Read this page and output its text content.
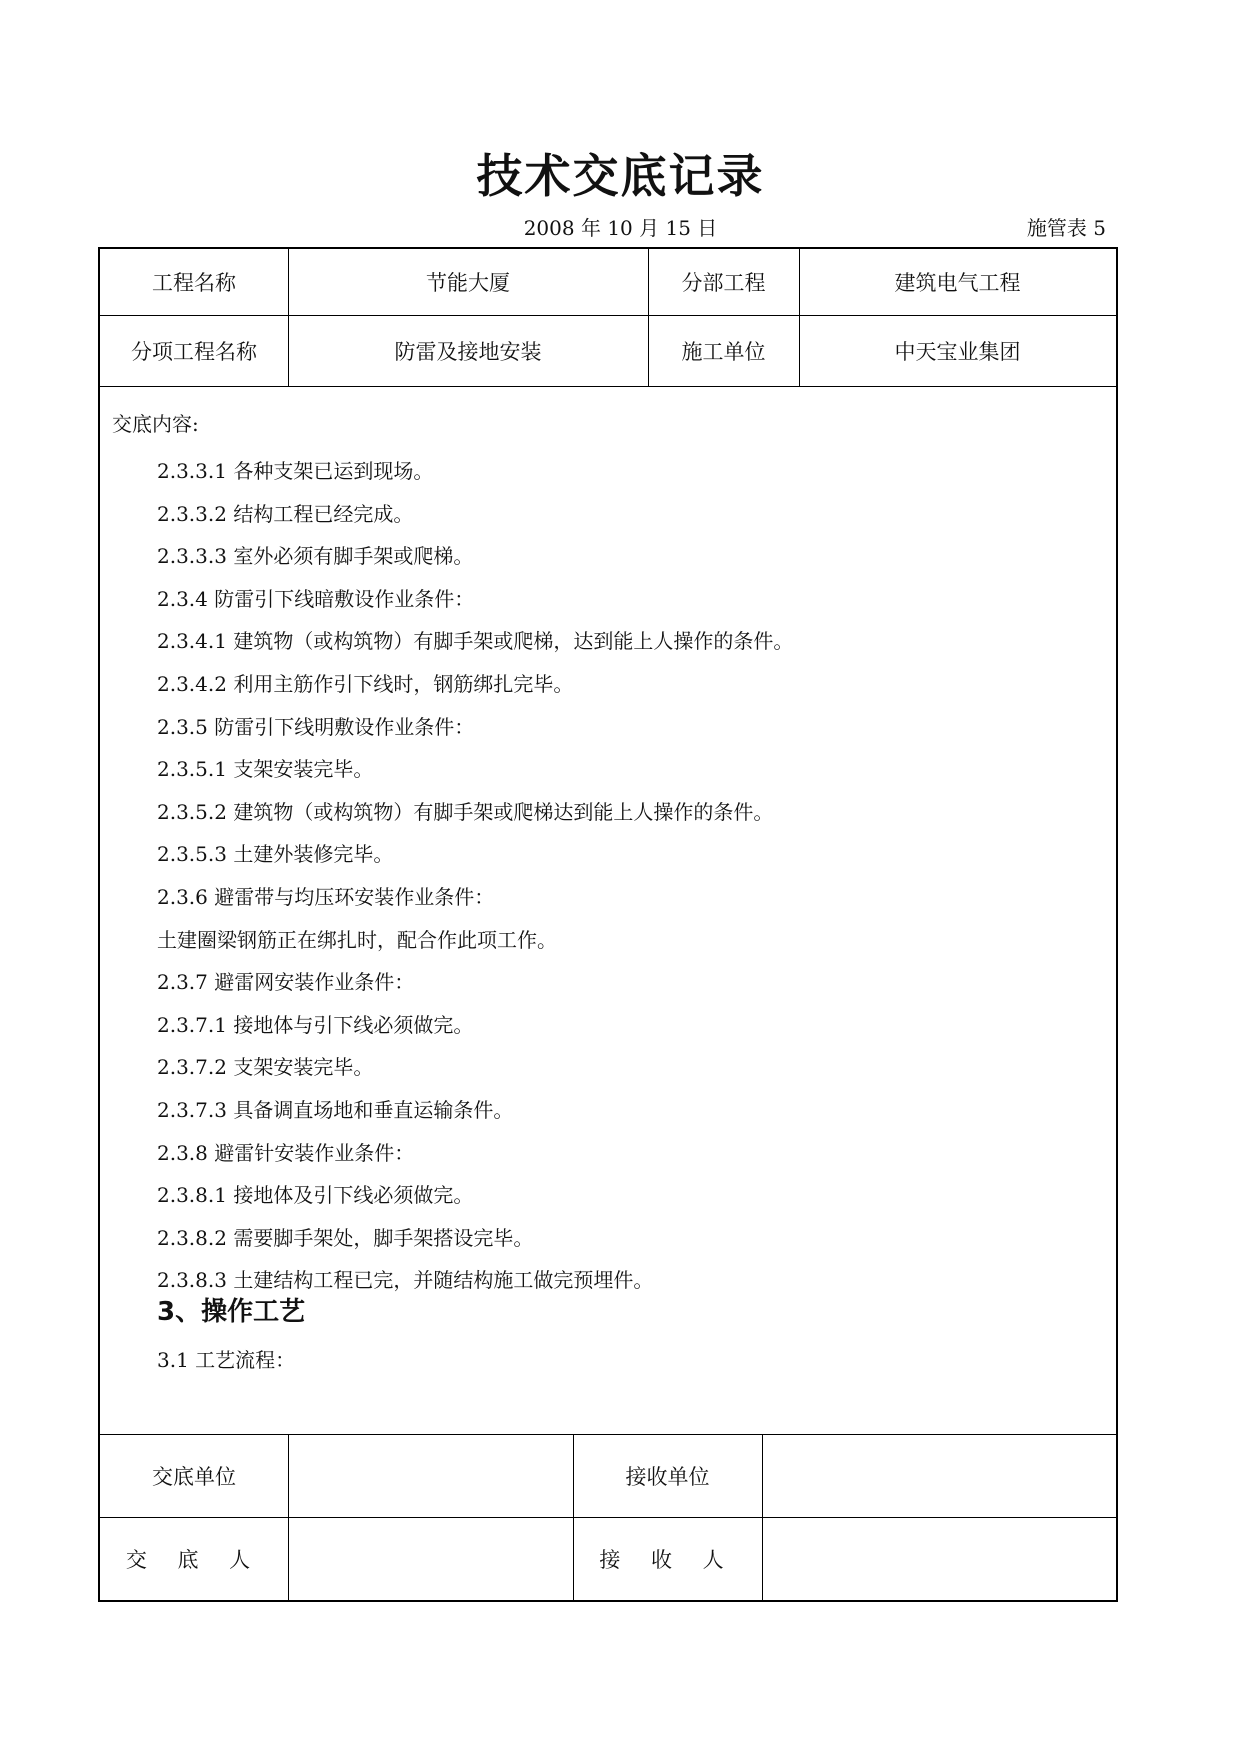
技术交底记录
2008 年 10 月 15 日	施管表 5
工程名称	节能大厦	分部工程	建筑电气工程
分项工程名称	防雷及接地安装	施工单位	中天宝业集团
交底内容:
2.3.3.1 各种支架已运到现场。
2.3.3.2 结构工程已经完成。
2.3.3.3 室外必须有脚手架或爬梯。
2.3.4 防雷引下线暗敷设作业条件：
2.3.4.1 建筑物（或构筑物）有脚手架或爬梯，达到能上人操作的条件。
2.3.4.2 利用主筋作引下线时，钢筋绑扎完毕。
2.3.5 防雷引下线明敷设作业条件：
2.3.5.1 支架安装完毕。
2.3.5.2 建筑物（或构筑物）有脚手架或爬梯达到能上人操作的条件。
2.3.5.3 土建外装修完毕。
2.3.6 避雷带与均压环安装作业条件：
土建圈梁钢筋正在绑扎时，配合作此项工作。
2.3.7 避雷网安装作业条件：
2.3.7.1 接地体与引下线必须做完。
2.3.7.2 支架安装完毕。
2.3.7.3 具备调直场地和垂直运输条件。
2.3.8 避雷针安装作业条件：
2.3.8.1 接地体及引下线必须做完。
2.3.8.2 需要脚手架处，脚手架搭设完毕。
2.3.8.3 土建结构工程已完，并随结构施工做完预埋件。
3、操作工艺
3.1 工艺流程：
交底单位	接收单位
交 底 人	接 收 人
